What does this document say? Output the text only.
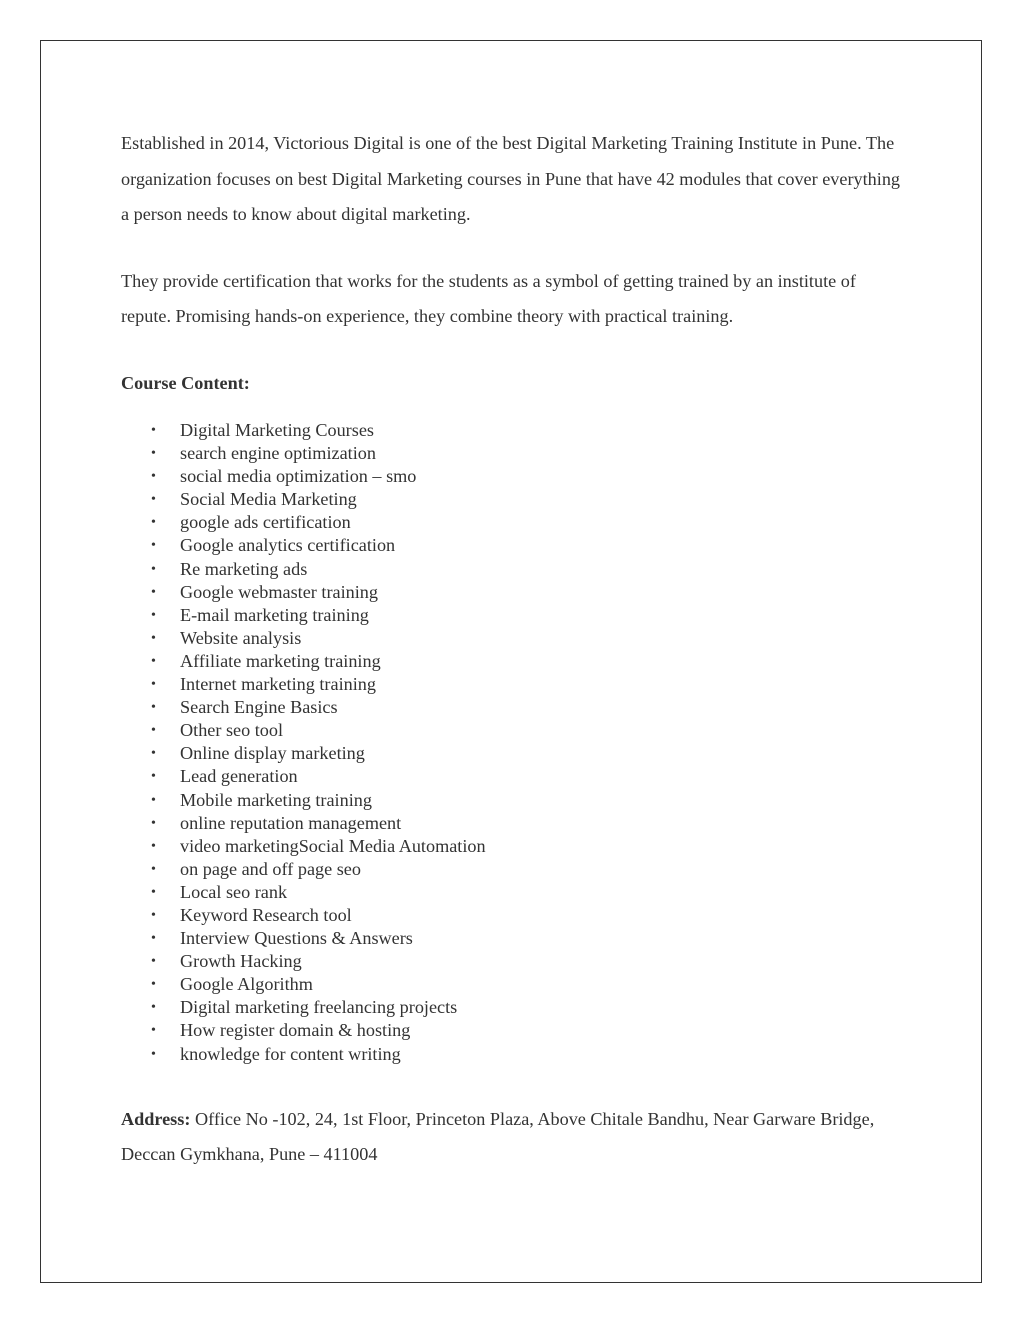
Established in 2014, Victorious Digital is one of the best Digital Marketing Training Institute in Pune. The organization focuses on best Digital Marketing courses in Pune that have 42 modules that cover everything a person needs to know about digital marketing.

They provide certification that works for the students as a symbol of getting trained by an institute of repute. Promising hands-on experience, they combine theory with practical training.

Course Content:

• Digital Marketing Courses
• search engine optimization
• social media optimization – smo
• Social Media Marketing
• google ads certification
• Google analytics certification
• Re marketing ads
• Google webmaster training
• E-mail marketing training
• Website analysis
• Affiliate marketing training
• Internet marketing training
• Search Engine Basics
• Other seo tool
• Online display marketing
• Lead generation
• Mobile marketing training
• online reputation management
• video marketingSocial Media Automation
• on page and off page seo
• Local seo rank
• Keyword Research tool
• Interview Questions & Answers
• Growth Hacking
• Google Algorithm
• Digital marketing freelancing projects
• How register domain & hosting
• knowledge for content writing

Address: Office No -102, 24, 1st Floor, Princeton Plaza, Above Chitale Bandhu, Near Garware Bridge, Deccan Gymkhana, Pune – 411004
